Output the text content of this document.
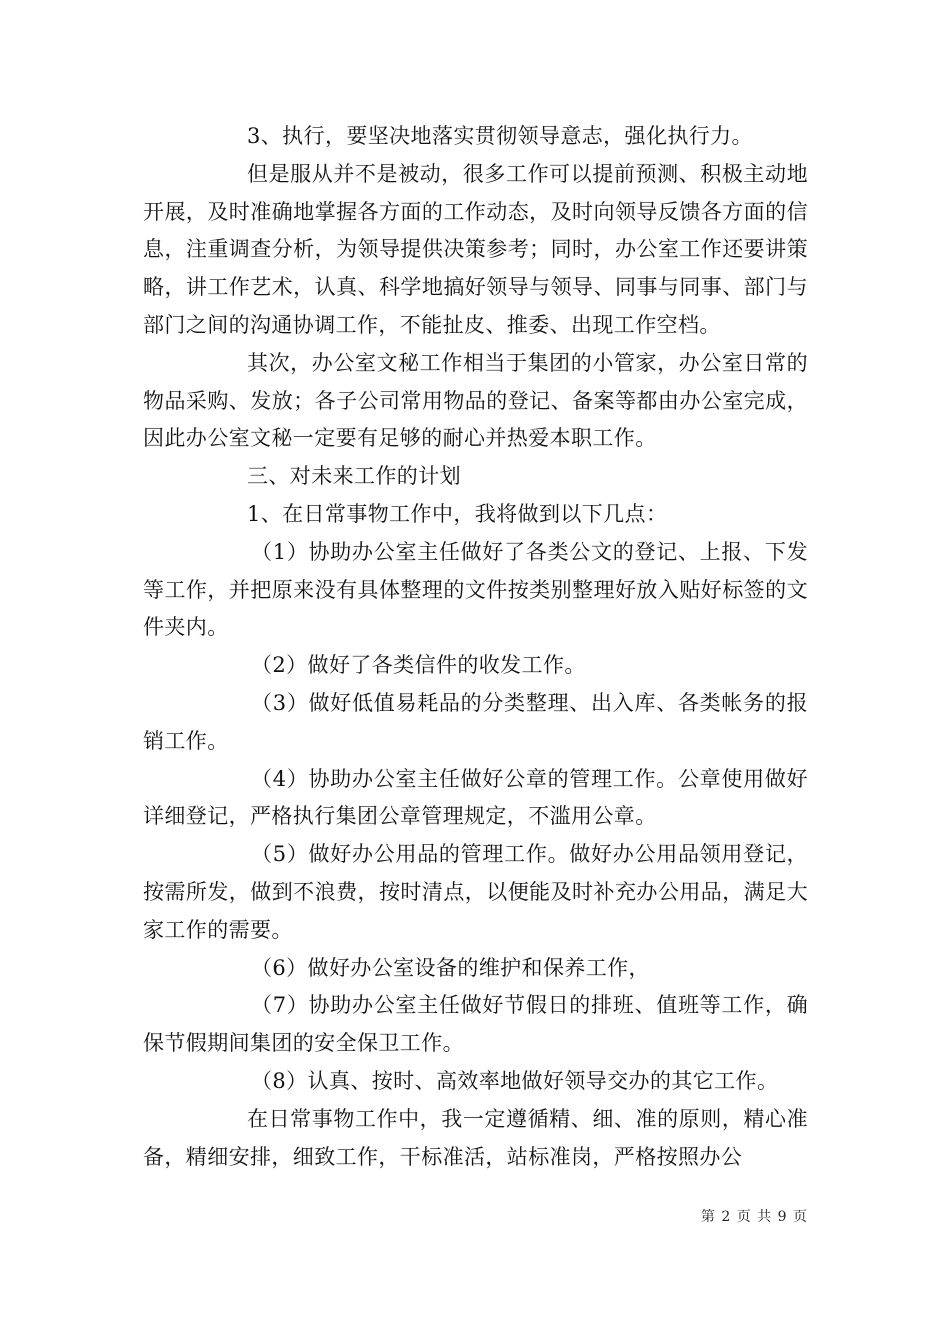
3、执行，要坚决地落实贯彻领导意志，强化执行力。

但是服从并不是被动，很多工作可以提前预测、积极主动地开展，及时准确地掌握各方面的工作动态，及时向领导反馈各方面的信息，注重调查分析，为领导提供决策参考；同时，办公室工作还要讲策略，讲工作艺术，认真、科学地搞好领导与领导、同事与同事、部门与部门之间的沟通协调工作，不能扯皮、推委、出现工作空档。

其次，办公室文秘工作相当于集团的小管家，办公室日常的物品采购、发放；各子公司常用物品的登记、备案等都由办公室完成，因此办公室文秘一定要有足够的耐心并热爱本职工作。

三、对未来工作的计划

1、在日常事物工作中，我将做到以下几点：

（1）协助办公室主任做好了各类公文的登记、上报、下发等工作，并把原来没有具体整理的文件按类别整理好放入贴好标签的文件夹内。

（2）做好了各类信件的收发工作。

（3）做好低值易耗品的分类整理、出入库、各类帐务的报销工作。

（4）协助办公室主任做好公章的管理工作。公章使用做好详细登记，严格执行集团公章管理规定，不滥用公章。

（5）做好办公用品的管理工作。做好办公用品领用登记，按需所发，做到不浪费，按时清点，以便能及时补充办公用品，满足大家工作的需要。

（6）做好办公室设备的维护和保养工作，

（7）协助办公室主任做好节假日的排班、值班等工作，确保节假期间集团的安全保卫工作。

（8）认真、按时、高效率地做好领导交办的其它工作。

在日常事物工作中，我一定遵循精、细、准的原则，精心准备，精细安排，细致工作，干标准活，站标准岗，严格按照办公

第 2 页 共 9 页
